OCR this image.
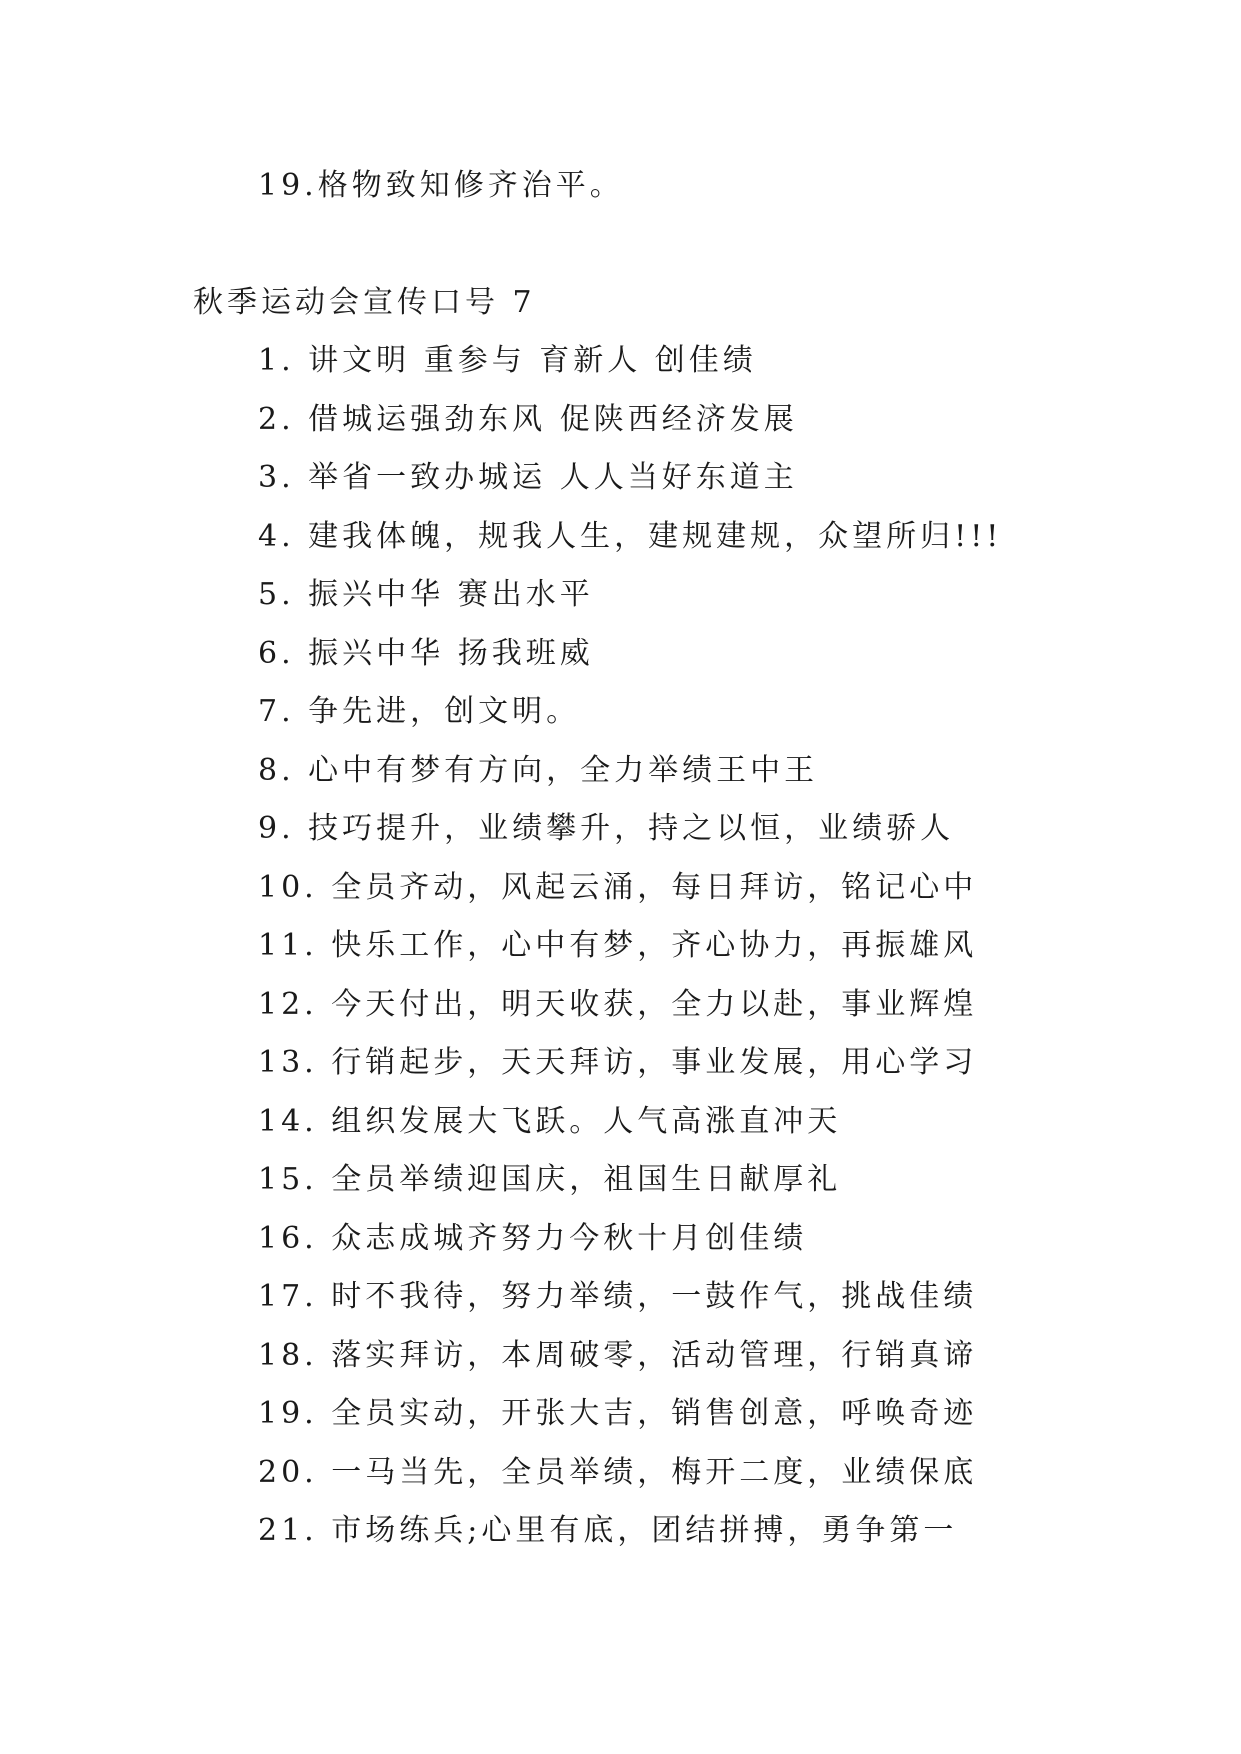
19.格物致知修齐治平。
秋季运动会宣传口号 7
1. 讲文明 重参与 育新人 创佳绩
2. 借城运强劲东风 促陕西经济发展
3. 举省一致办城运 人人当好东道主
4. 建我体魄，规我人生，建规建规，众望所归!!!
5. 振兴中华 赛出水平
6. 振兴中华 扬我班威
7. 争先进，创文明。
8. 心中有梦有方向，全力举绩王中王
9. 技巧提升，业绩攀升，持之以恒，业绩骄人
10. 全员齐动，风起云涌，每日拜访，铭记心中
11. 快乐工作，心中有梦，齐心协力，再振雄风
12. 今天付出，明天收获，全力以赴，事业辉煌
13. 行销起步，天天拜访，事业发展，用心学习
14. 组织发展大飞跃。人气高涨直冲天
15. 全员举绩迎国庆，祖国生日献厚礼
16. 众志成城齐努力今秋十月创佳绩
17. 时不我待，努力举绩，一鼓作气，挑战佳绩
18. 落实拜访，本周破零，活动管理，行销真谛
19. 全员实动，开张大吉，销售创意，呼唤奇迹
20. 一马当先，全员举绩，梅开二度，业绩保底
21. 市场练兵;心里有底，团结拼搏，勇争第一
